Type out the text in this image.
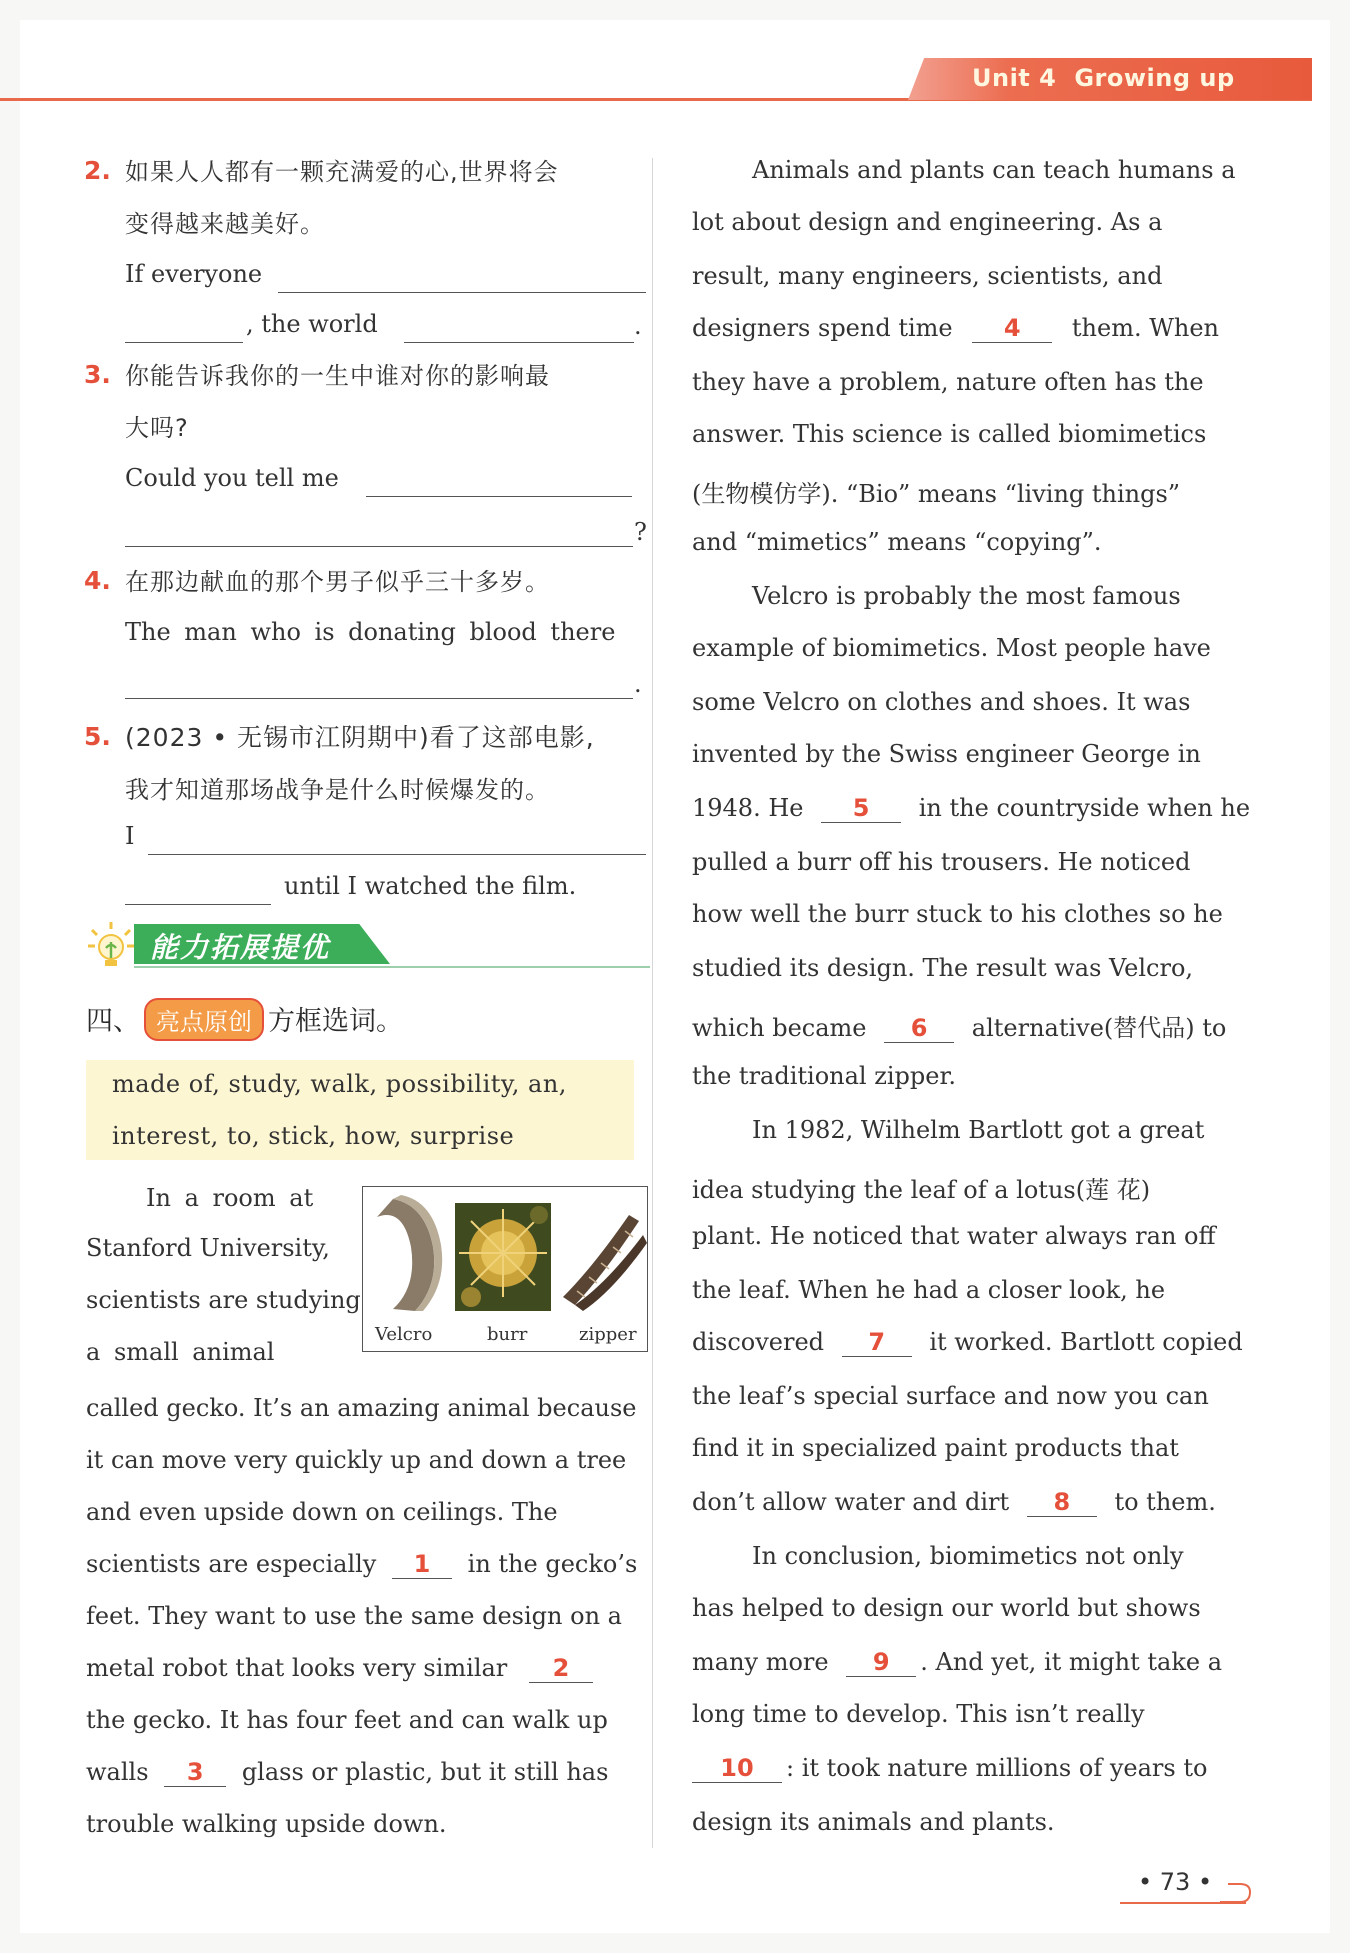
Unit 4 Growing up
2. 如果人人都有一颗充满爱的心,世界将会
变得越来越美好。
If everyone
, the world	.
3. 你能告诉我你的一生中谁对你的影响最
大吗?
Could you tell me
?
4. 在那边献血的那个男子似乎三十多岁。
The man who is donating blood there
.
5. (2023 • 无锡市江阴期中)看了这部电影,
我才知道那场战争是什么时候爆发的。
I
until I watched the film.
能力拓展提优
四、 亮点原创 方框选词。
made of, study, walk, possibility, an,
interest, to, stick, how, surprise
Velcro	burr	zipper
In a room at
Stanford University,
scientists are studying
a small animal
called gecko. It’s an amazing animal because
it can move very quickly up and down a tree
and even upside down on ceilings. The
scientists are especially 1 in the gecko’s
feet. They want to use the same design on a
metal robot that looks very similar 2
the gecko. It has four feet and can walk up
walls 3 glass or plastic, but it still has
trouble walking upside down.
Animals and plants can teach humans a
lot about design and engineering. As a
result, many engineers, scientists, and
designers spend time 4 them. When
they have a problem, nature often has the
answer. This science is called biomimetics
(生物模仿学). “Bio” means “living things”
and “mimetics” means “copying”.
Velcro is probably the most famous
example of biomimetics. Most people have
some Velcro on clothes and shoes. It was
invented by the Swiss engineer George in
1948. He 5 in the countryside when he
pulled a burr off his trousers. He noticed
how well the burr stuck to his clothes so he
studied its design. The result was Velcro,
which became 6 alternative(替代品) to
the traditional zipper.
In 1982, Wilhelm Bartlott got a great
idea studying the leaf of a lotus(莲 花)
plant. He noticed that water always ran off
the leaf. When he had a closer look, he
discovered 7 it worked. Bartlott copied
the leaf’s special surface and now you can
find it in specialized paint products that
don’t allow water and dirt 8 to them.
In conclusion, biomimetics not only
has helped to design our world but shows
many more 9 . And yet, it might take a
long time to develop. This isn’t really
10 : it took nature millions of years to
design its animals and plants.
• 73 •
